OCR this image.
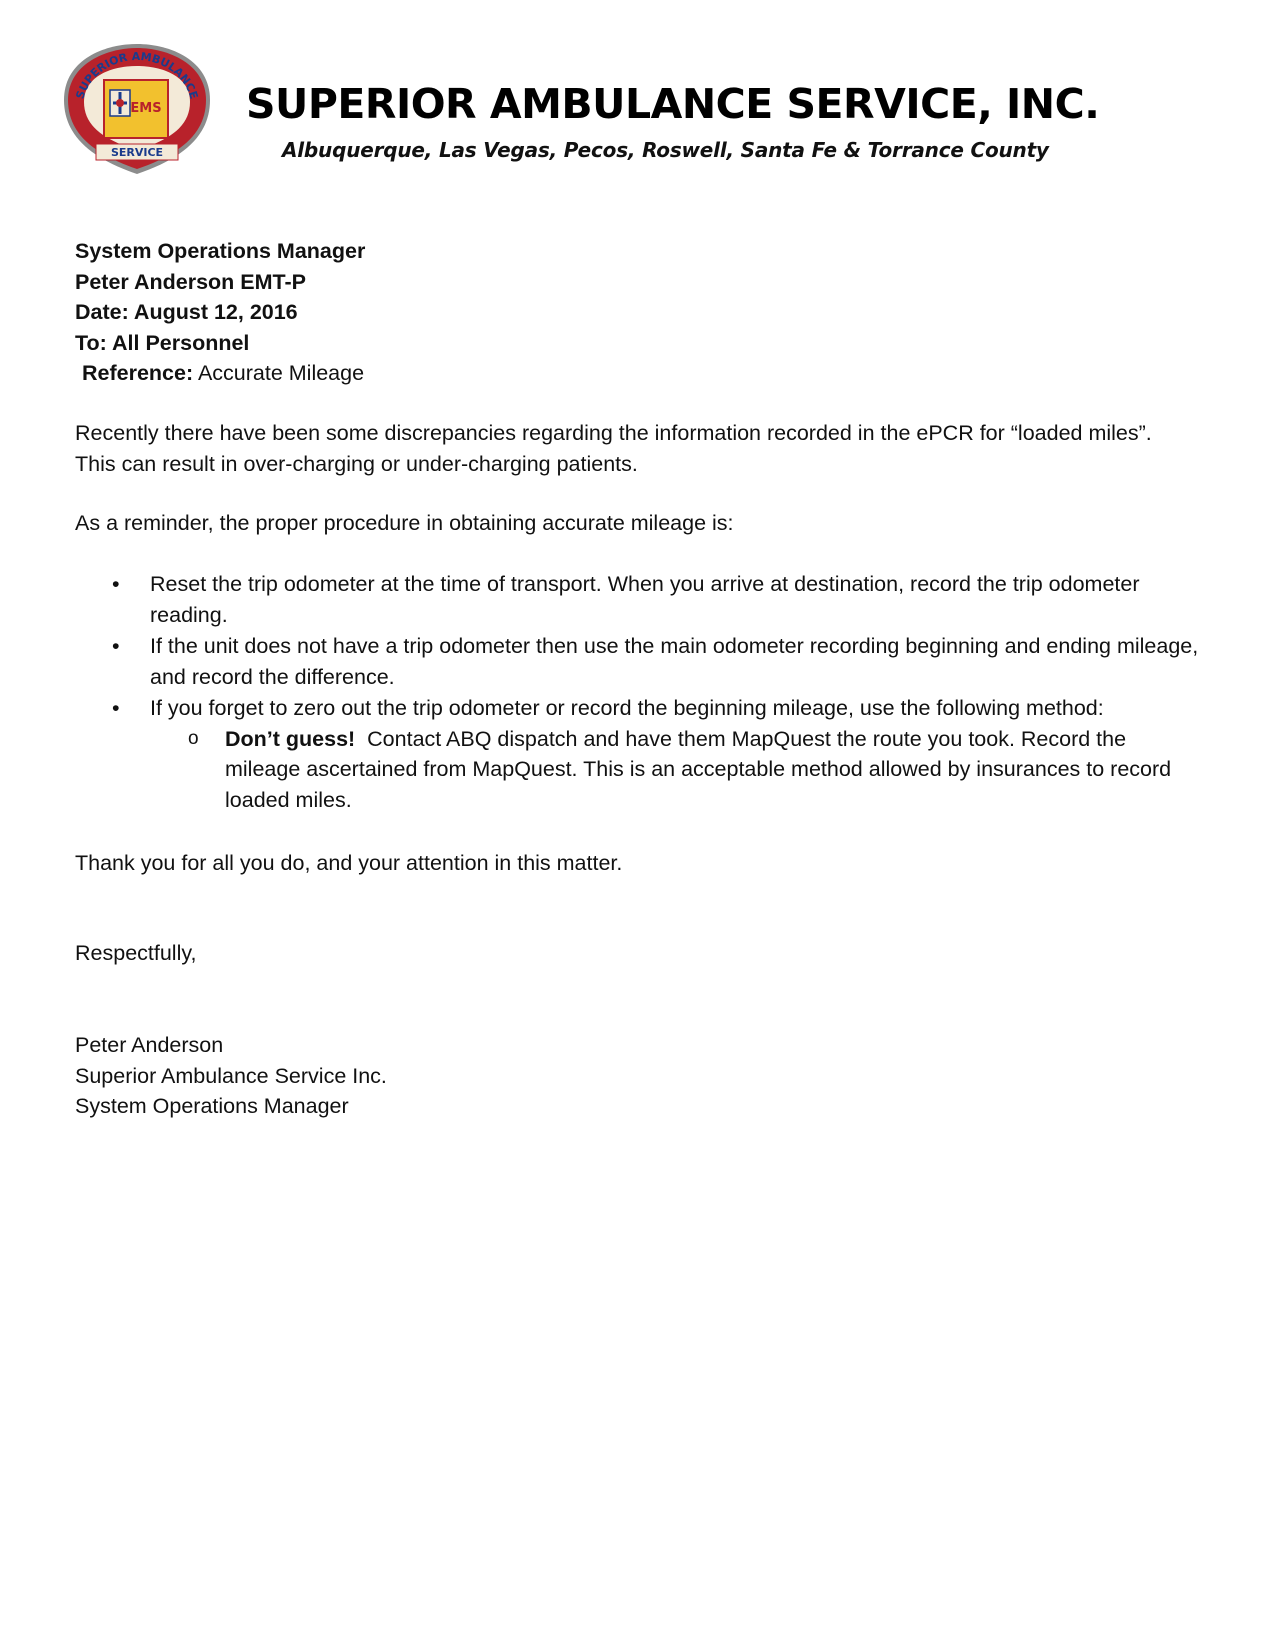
SUPERIOR AMBULANCE
EMS
SERVICE
SUPERIOR AMBULANCE SERVICE, INC.
Albuquerque, Las Vegas, Pecos, Roswell, Santa Fe & Torrance County
System Operations Manager
Peter Anderson EMT-P
Date: August 12, 2016
To: All Personnel
Reference: Accurate Mileage
Recently there have been some discrepancies regarding the information recorded in the ePCR for “loaded miles”. This can result in over-charging or under-charging patients.
As a reminder, the proper procedure in obtaining accurate mileage is:
• Reset the trip odometer at the time of transport. When you arrive at destination, record the trip odometer reading.
• If the unit does not have a trip odometer then use the main odometer recording beginning and ending mileage, and record the difference.
• If you forget to zero out the trip odometer or record the beginning mileage, use the following method:
o Don’t guess! Contact ABQ dispatch and have them MapQuest the route you took. Record the mileage ascertained from MapQuest. This is an acceptable method allowed by insurances to record loaded miles.
Thank you for all you do, and your attention in this matter.
Respectfully,
Peter Anderson
Superior Ambulance Service Inc.
System Operations Manager
